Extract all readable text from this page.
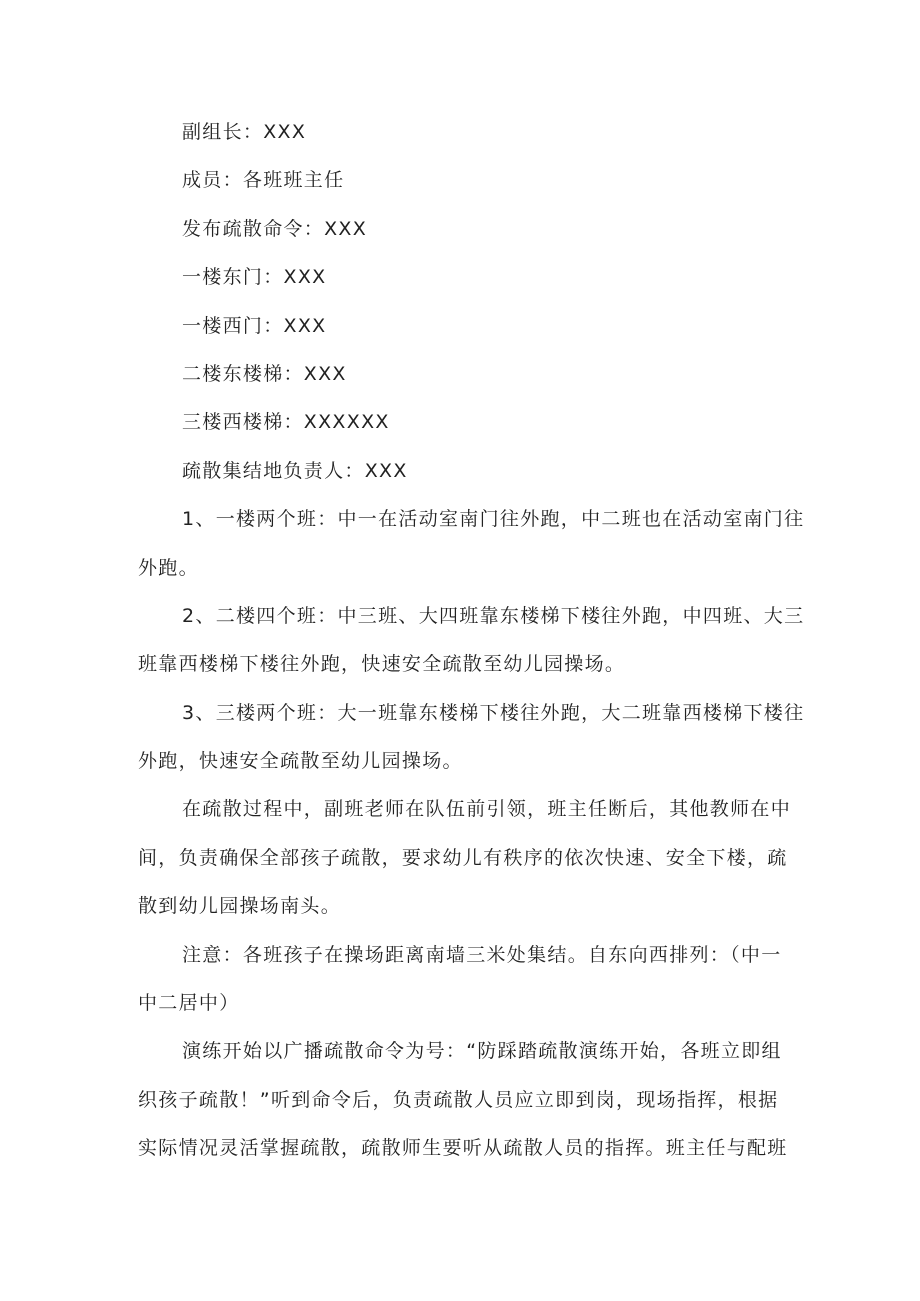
副组长：XXX
成员：各班班主任
发布疏散命令：XXX
一楼东门：XXX
一楼西门：XXX
二楼东楼梯：XXX
三楼西楼梯：XXXXXX
疏散集结地负责人：XXX
1、一楼两个班：中一在活动室南门往外跑，中二班也在活动室南门往
外跑。
2、二楼四个班：中三班、大四班靠东楼梯下楼往外跑，中四班、大三
班靠西楼梯下楼往外跑，快速安全疏散至幼儿园操场。
3、三楼两个班：大一班靠东楼梯下楼往外跑，大二班靠西楼梯下楼往
外跑，快速安全疏散至幼儿园操场。
在疏散过程中，副班老师在队伍前引领，班主任断后，其他教师在中
间，负责确保全部孩子疏散，要求幼儿有秩序的依次快速、安全下楼，疏
散到幼儿园操场南头。
注意：各班孩子在操场距离南墙三米处集结。自东向西排列：（中一
中二居中）
演练开始以广播疏散命令为号：“防踩踏疏散演练开始，各班立即组
织孩子疏散！”听到命令后，负责疏散人员应立即到岗，现场指挥，根据
实际情况灵活掌握疏散，疏散师生要听从疏散人员的指挥。班主任与配班
